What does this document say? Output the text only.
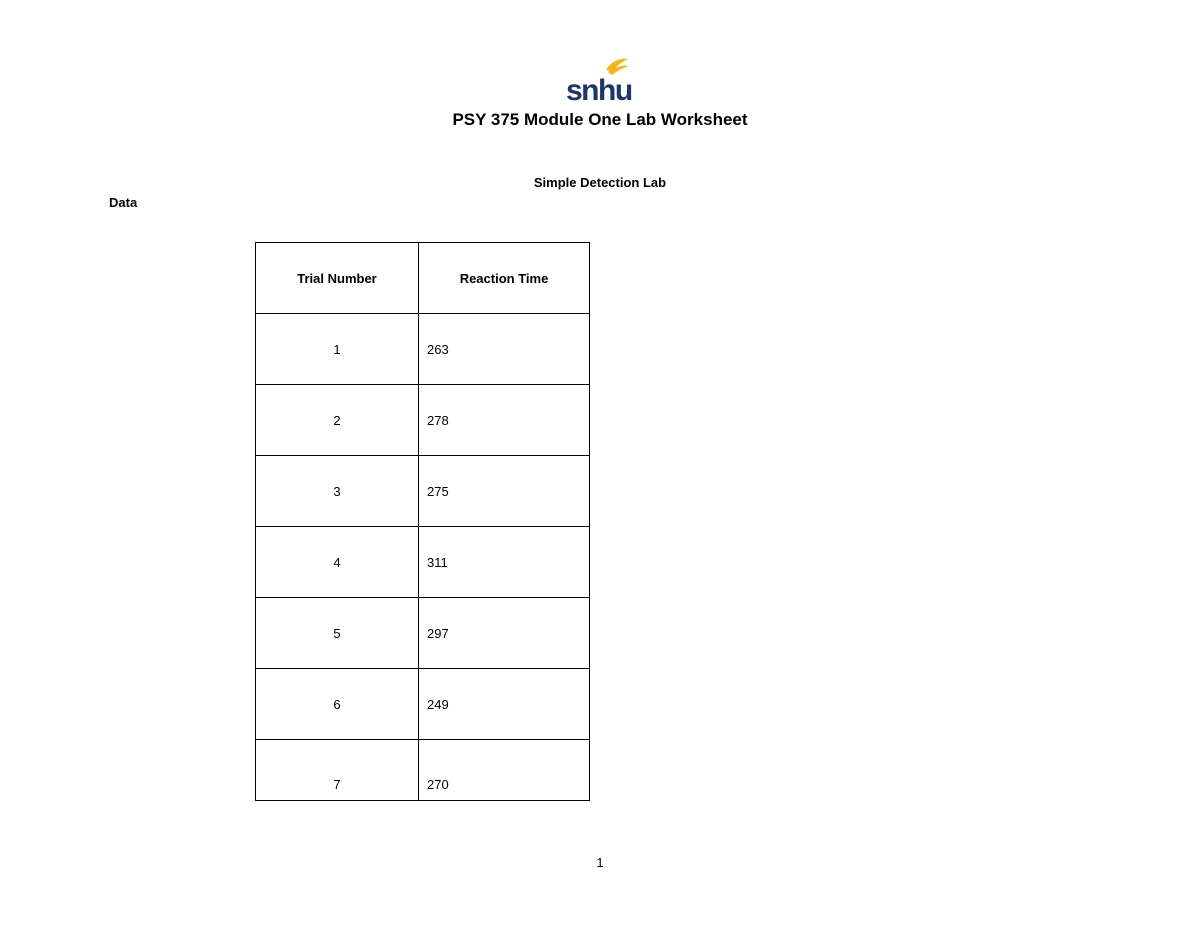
snhu
PSY 375 Module One Lab Worksheet
Simple Detection Lab
Data
Trial Number	Reaction Time
1	263
2	278
3	275
4	311
5	297
6	249
7	270
1
